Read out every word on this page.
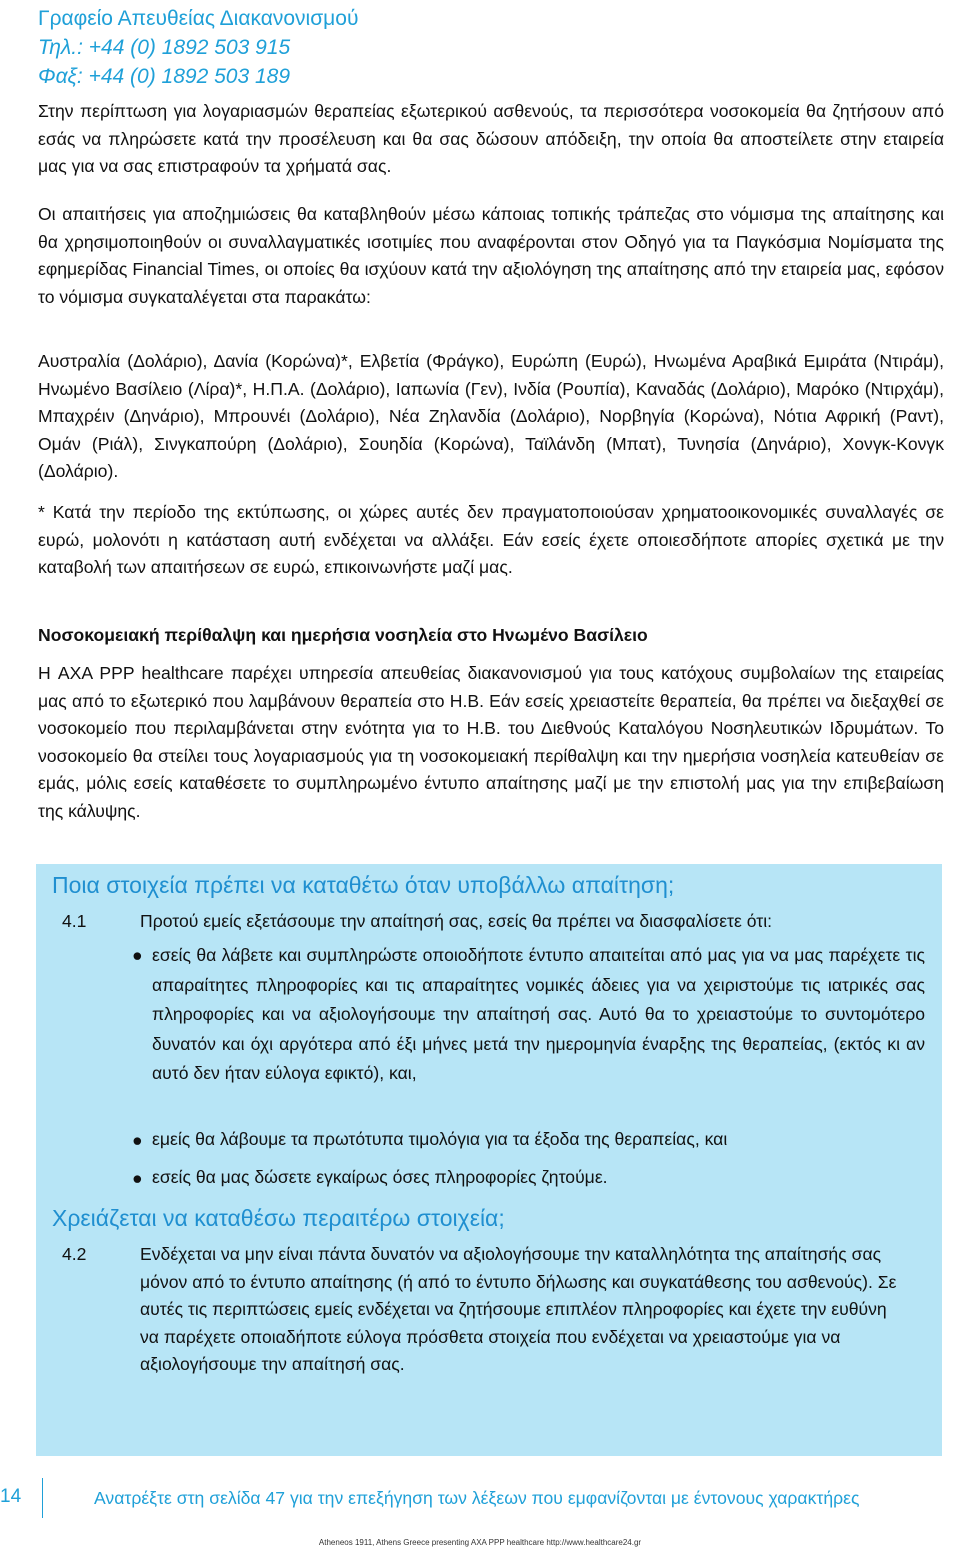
Γραφείο Απευθείας Διακανονισμού
Τηλ.: +44 (0) 1892 503 915
Φαξ: +44 (0) 1892 503 189
Στην περίπτωση για λογαριασμών θεραπείας εξωτερικού ασθενούς, τα περισσότερα νοσοκομεία θα ζητήσουν από εσάς να πληρώσετε κατά την προσέλευση και θα σας δώσουν απόδειξη, την οποία θα αποστείλετε στην εταιρεία μας για να σας επιστραφούν τα χρήματά σας.
Οι απαιτήσεις για αποζημιώσεις θα καταβληθούν μέσω κάποιας τοπικής τράπεζας στο νόμισμα της απαίτησης και θα χρησιμοποιηθούν οι συναλλαγματικές ισοτιμίες που αναφέρονται στον Οδηγό για τα Παγκόσμια Νομίσματα της εφημερίδας Financial Times, οι οποίες θα ισχύουν κατά την αξιολόγηση της απαίτησης από την εταιρεία μας, εφόσον το νόμισμα συγκαταλέγεται στα παρακάτω:
Αυστραλία (Δολάριο), Δανία (Κορώνα)*, Ελβετία (Φράγκο), Ευρώπη (Ευρώ), Ηνωμένα Αραβικά Εμιράτα (Ντιράμ), Ηνωμένο Βασίλειο (Λίρα)*, Η.Π.Α. (Δολάριο), Ιαπωνία (Γεν), Ινδία (Ρουπία), Καναδάς (Δολάριο), Μαρόκο (Ντιρχάμ), Μπαχρέιν (Δηνάριο), Μπρουνέι (Δολάριο), Νέα Ζηλανδία (Δολάριο), Νορβηγία (Κορώνα), Νότια Αφρική (Ραντ), Ομάν (Ριάλ), Σινγκαπούρη (Δολάριο), Σουηδία (Κορώνα), Ταϊλάνδη (Μπατ), Τυνησία (Δηνάριο), Χονγκ-Κονγκ (Δολάριο).
* Κατά την περίοδο της εκτύπωσης, οι χώρες αυτές δεν πραγματοποιούσαν χρηματοοικονομικές συναλλαγές σε ευρώ, μολονότι η κατάσταση αυτή ενδέχεται να αλλάξει. Εάν εσείς έχετε οποιεσδήποτε απορίες σχετικά με την καταβολή των απαιτήσεων σε ευρώ, επικοινωνήστε μαζί μας.
Νοσοκομειακή περίθαλψη και ημερήσια νοσηλεία στο Ηνωμένο Βασίλειο
Η AXA PPP healthcare παρέχει υπηρεσία απευθείας διακανονισμού για τους κατόχους συμβολαίων της εταιρείας μας από το εξωτερικό που λαμβάνουν θεραπεία στο Η.Β. Εάν εσείς χρειαστείτε θεραπεία, θα πρέπει να διεξαχθεί σε νοσοκομείο που περιλαμβάνεται στην ενότητα για το Η.Β. του Διεθνούς Καταλόγου Νοσηλευτικών Ιδρυμάτων. Το νοσοκομείο θα στείλει τους λογαριασμούς για τη νοσοκομειακή περίθαλψη και την ημερήσια νοσηλεία κατευθείαν σε εμάς, μόλις εσείς καταθέσετε το συμπληρωμένο έντυπο απαίτησης μαζί με την επιστολή μας για την επιβεβαίωση της κάλυψης.
Ποια στοιχεία πρέπει να καταθέτω όταν υποβάλλω απαίτηση;
4.1	Προτού εμείς εξετάσουμε την απαίτησή σας, εσείς θα πρέπει να διασφαλίσετε ότι:
● εσείς θα λάβετε και συμπληρώστε οποιοδήποτε έντυπο απαιτείται από μας για να μας παρέχετε τις απαραίτητες πληροφορίες και τις απαραίτητες νομικές άδειες για να χειριστούμε τις ιατρικές σας πληροφορίες και να αξιολογήσουμε την απαίτησή σας. Αυτό θα το χρειαστούμε το συντομότερο δυνατόν και όχι αργότερα από έξι μήνες μετά την ημερομηνία έναρξης της θεραπείας, (εκτός κι αν αυτό δεν ήταν εύλογα εφικτό), και,
● εμείς θα λάβουμε τα πρωτότυπα τιμολόγια για τα έξοδα της θεραπείας, και
● εσείς θα μας δώσετε εγκαίρως όσες πληροφορίες ζητούμε.
Χρειάζεται να καταθέσω περαιτέρω στοιχεία;
4.2	Ενδέχεται να μην είναι πάντα δυνατόν να αξιολογήσουμε την καταλληλότητα της απαίτησής σας μόνον από το έντυπο απαίτησης (ή από το έντυπο δήλωσης και συγκατάθεσης του ασθενούς). Σε αυτές τις περιπτώσεις εμείς ενδέχεται να ζητήσουμε επιπλέον πληροφορίες και έχετε την ευθύνη να παρέχετε οποιαδήποτε εύλογα πρόσθετα στοιχεία που ενδέχεται να χρειαστούμε για να αξιολογήσουμε την απαίτησή σας.
14	Ανατρέξτε στη σελίδα 47 για την επεξήγηση των λέξεων που εμφανίζονται με έντονους χαρακτήρες
Atheneos 1911, Athens Greece presenting AXA PPP healthcare http://www.healthcare24.gr
